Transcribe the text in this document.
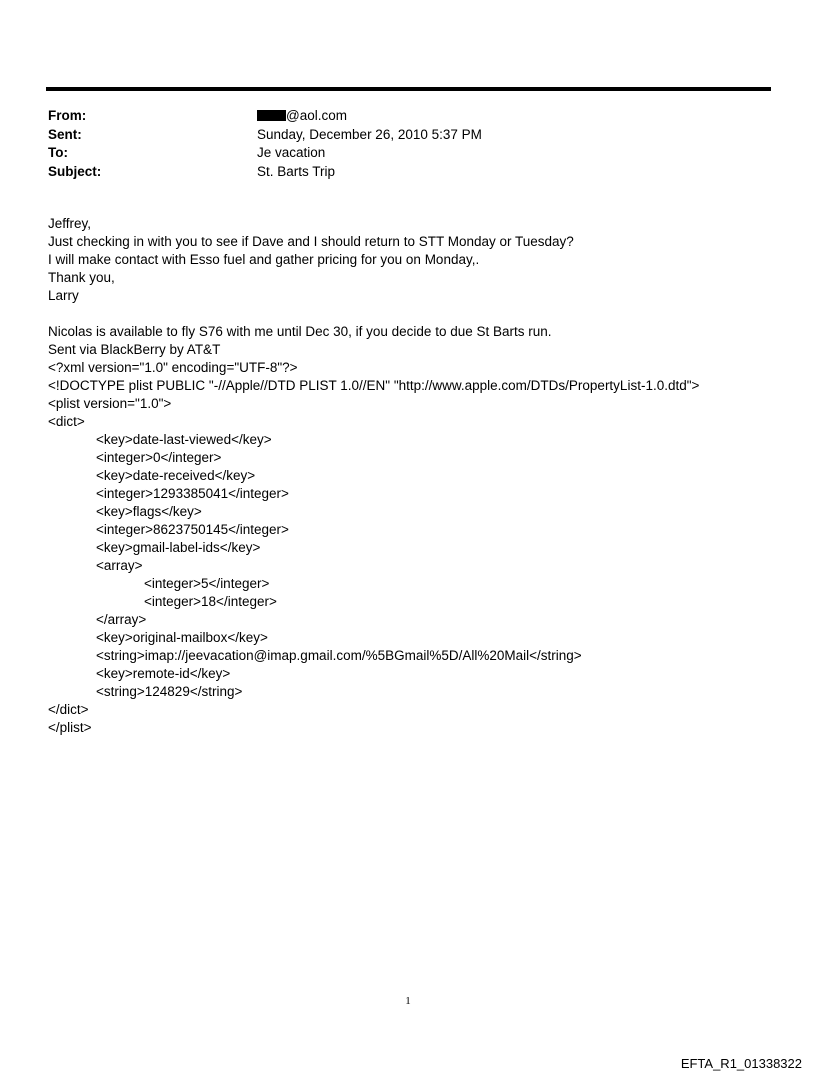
From:	@aol.com
Sent:	Sunday, December 26, 2010 5:37 PM
To:	Je vacation
Subject:	St. Barts Trip
Jeffrey,
Just checking in with you to see if Dave and I should return to STT Monday or Tuesday?
I will make contact with Esso fuel and gather pricing for you on Monday,.
Thank you,
Larry
Nicolas is available to fly S76 with me until Dec 30, if you decide to due St Barts run.
Sent via BlackBerry by AT&T
<?xml version="1.0" encoding="UTF-8"?>
<!DOCTYPE plist PUBLIC "-//Apple//DTD PLIST 1.0//EN" "http://www.apple.com/DTDs/PropertyList-1.0.dtd">
<plist version="1.0">
<dict>
<key>date-last-viewed</key>
<integer>0</integer>
<key>date-received</key>
<integer>1293385041</integer>
<key>flags</key>
<integer>8623750145</integer>
<key>gmail-label-ids</key>
<array>
<integer>5</integer>
<integer>18</integer>
</array>
<key>original-mailbox</key>
<string>imap://jeevacation@imap.gmail.com/%5BGmail%5D/All%20Mail</string>
<key>remote-id</key>
<string>124829</string>
</dict>
</plist>
1
EFTA_R1_01338322
